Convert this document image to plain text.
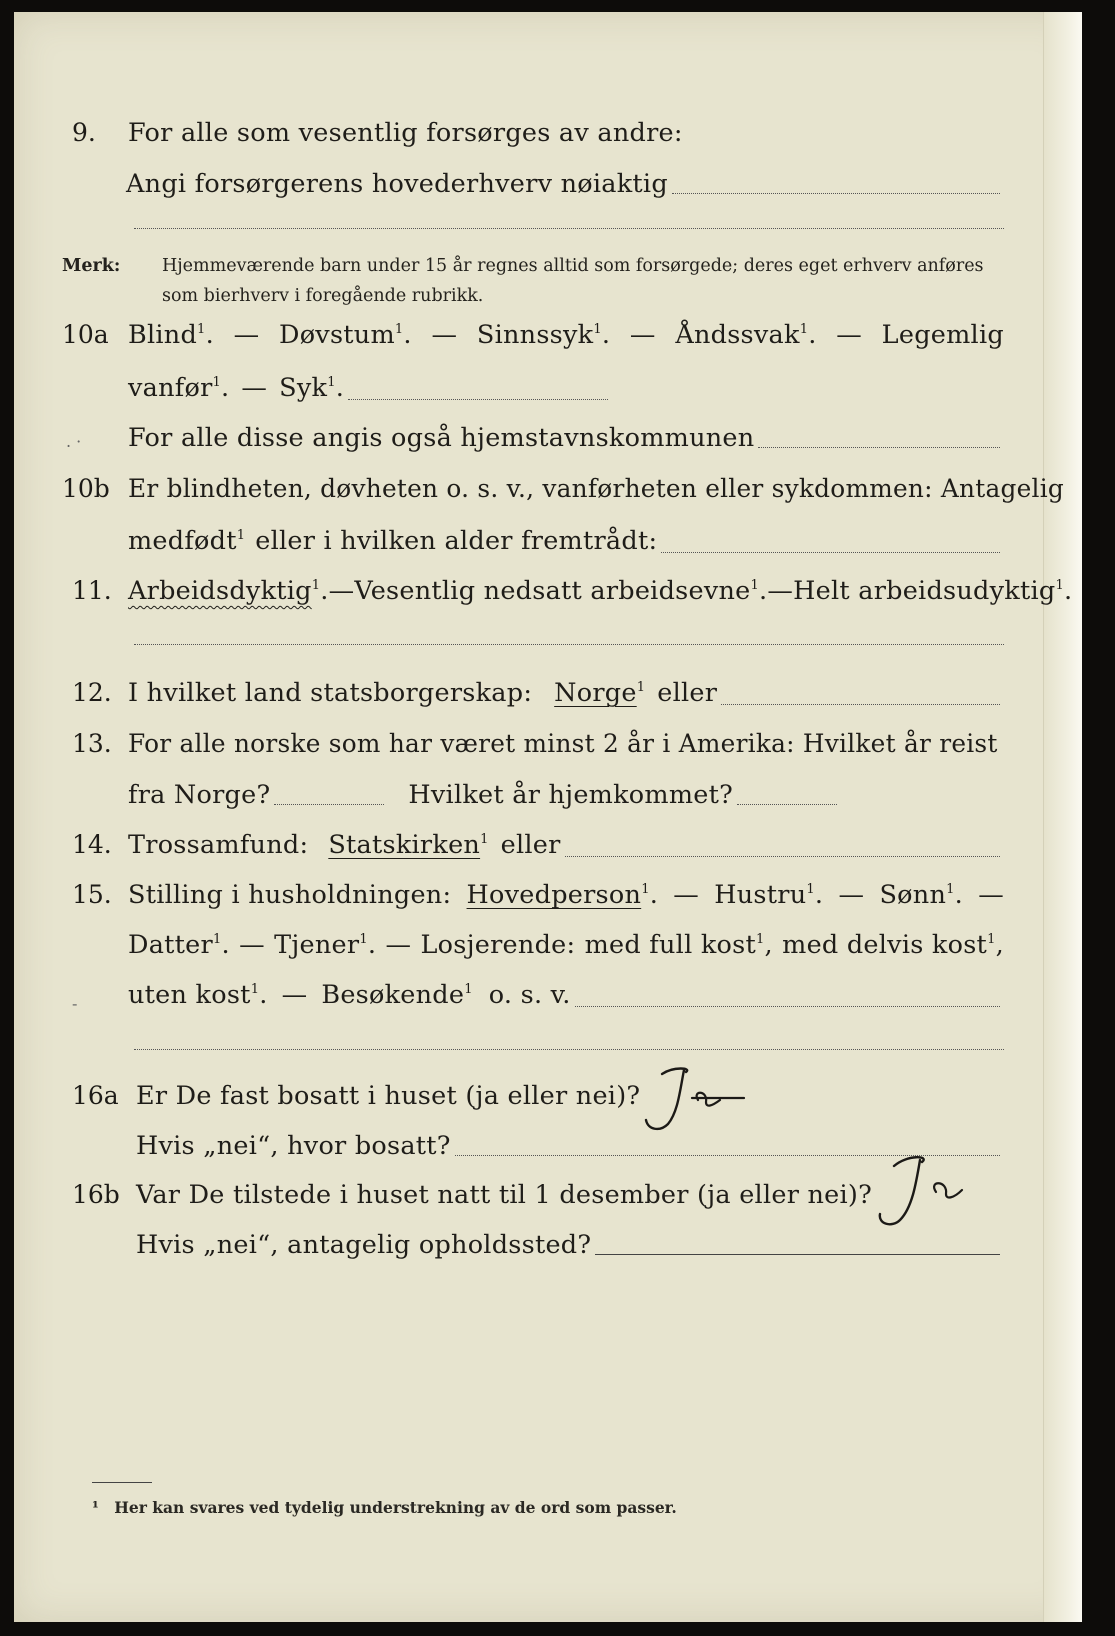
9.	For alle som vesentlig forsørges av andre:
Angi forsørgerens hovederhverv nøiaktig
Merk: Hjemmeværende barn under 15 år regnes alltid som forsørgede; deres eget erhverv anføres som bierhverv i foregående rubrikk.
10a Blind$^1$. — Døvstum$^1$. — Sinnssyk$^1$. — Åndssvak$^1$. — Legemlig
vanfør$^1$. — Syk$^1$.
. · For alle disse angis også hjemstavnskommunen
10b Er blindheten, døvheten o. s. v., vanførheten eller sykdommen: Antagelig
medfødt$^1$ eller i hvilken alder fremtrådt:
11. Arbeidsdyktig$^1$. — Vesentlig nedsatt arbeidsevne$^1$. — Helt arbeidsudyktig$^1$.
12. I hvilket land statsborgerskap: Norge$^1$ eller
13. For alle norske som har været minst 2 år i Amerika: Hvilket år reist
fra Norge?	Hvilket år hjemkommet?
14. Trossamfund: Statskirken$^1$ eller
15. Stilling i husholdningen: Hovedperson$^1$. — Hustru$^1$. — Sønn$^1$. —
Datter$^1$. — Tjener$^1$. — Losjerende: med full kost$^1$, med delvis kost$^1$,
- uten kost$^1$. — Besøkende$^1$ o. s. v.
16a Er De fast bosatt i huset (ja eller nei)?
Hvis „nei“, hvor bosatt?
16b Var De tilstede i huset natt til 1 desember (ja eller nei)?
Hvis „nei“, antagelig opholdssted?
¹ Her kan svares ved tydelig understrekning av de ord som passer.
